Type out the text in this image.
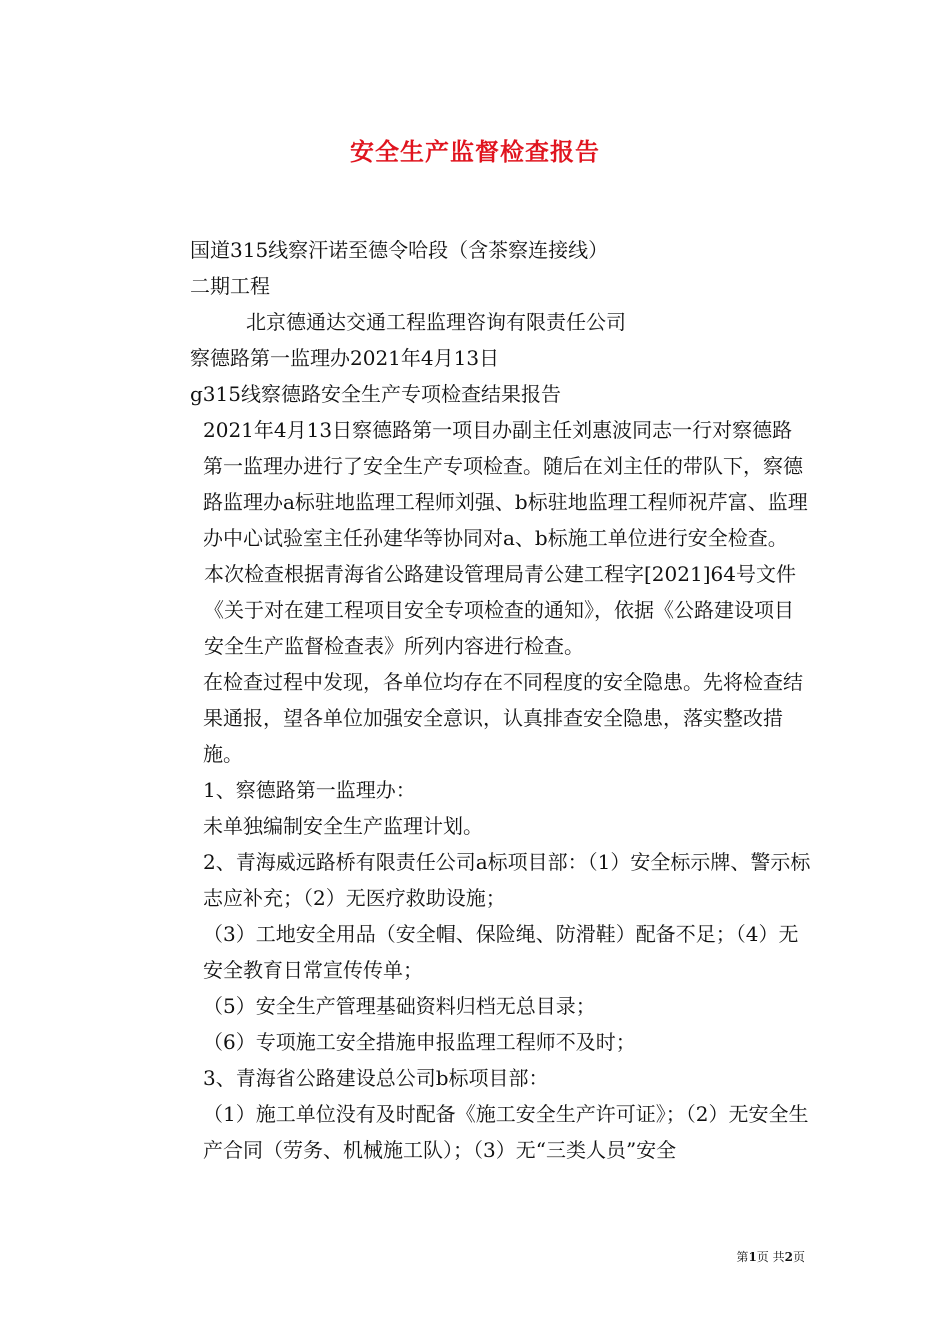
安全生产监督检查报告

国道315线察汗诺至德令哈段（含茶察连接线）

二期工程

北京德通达交通工程监理咨询有限责任公司

察德路第一监理办2021年4月13日

g315线察德路安全生产专项检查结果报告

2021年4月13日察德路第一项目办副主任刘惠波同志一行对察德路第一监理办进行了安全生产专项检查。随后在刘主任的带队下，察德路监理办a标驻地监理工程师刘强、b标驻地监理工程师祝芹富、监理办中心试验室主任孙建华等协同对a、b标施工单位进行安全检查。

本次检查根据青海省公路建设管理局青公建工程字[2021]64号文件《关于对在建工程项目安全专项检查的通知》，依据《公路建设项目安全生产监督检查表》所列内容进行检查。

在检查过程中发现，各单位均存在不同程度的安全隐患。先将检查结果通报，望各单位加强安全意识，认真排查安全隐患，落实整改措施。

1、察德路第一监理办：

未单独编制安全生产监理计划。

2、青海威远路桥有限责任公司a标项目部：（1）安全标示牌、警示标志应补充；（2）无医疗救助设施；

（3）工地安全用品（安全帽、保险绳、防滑鞋）配备不足；（4）无安全教育日常宣传传单；

（5）安全生产管理基础资料归档无总目录；

（6）专项施工安全措施申报监理工程师不及时；

3、青海省公路建设总公司b标项目部：

（1）施工单位没有及时配备《施工安全生产许可证》；（2）无安全生产合同（劳务、机械施工队）；（3）无“三类人员”安全

第1页 共2页
